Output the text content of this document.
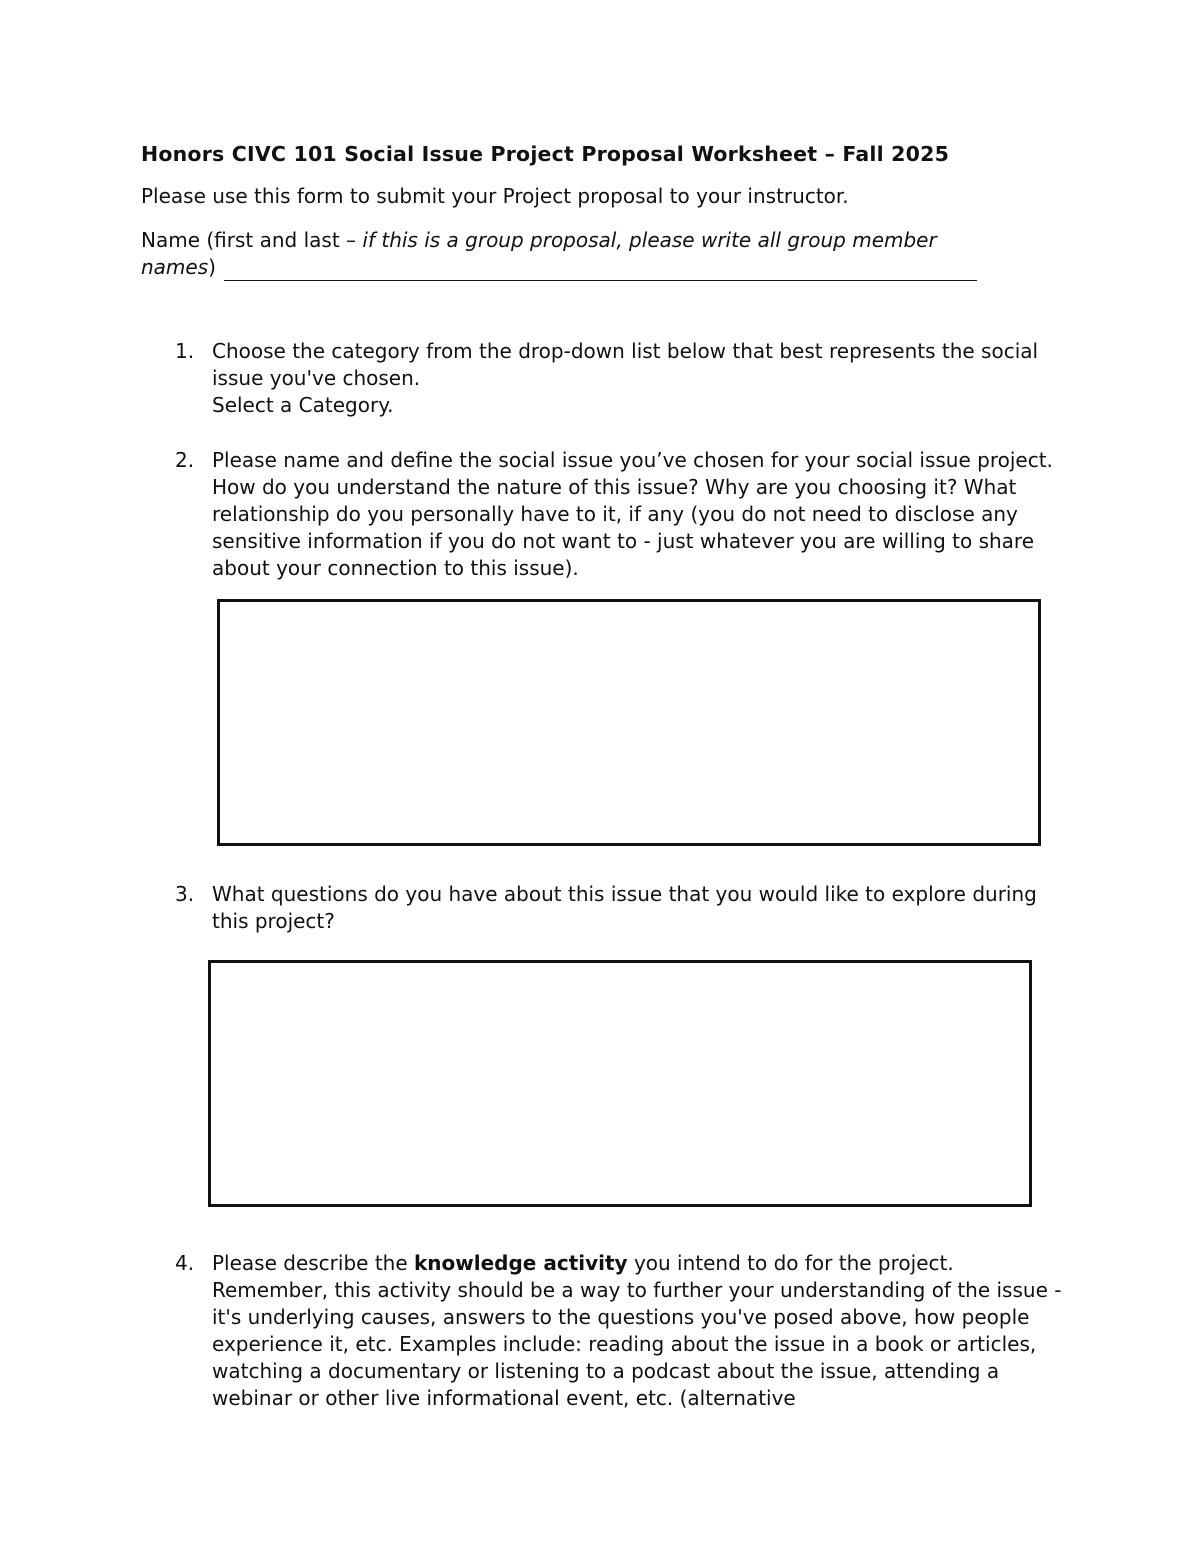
Honors CIVC 101 Social Issue Project Proposal Worksheet – Fall 2025
Please use this form to submit your Project proposal to your instructor.
Name (first and last – if this is a group proposal, please write all group member
names )
1. Choose the category from the drop-down list below that best represents the social issue you've chosen.

Select a Category.

2. Please name and define the social issue you’ve chosen for your social issue project. How do you understand the nature of this issue? Why are you choosing it? What relationship do you personally have to it, if any (you do not need to disclose any sensitive information if you do not want to - just whatever you are willing to share about your connection to this issue).

3. What questions do you have about this issue that you would like to explore during this project?

4. Please describe the knowledge activity you intend to do for the project. Remember, this activity should be a way to further your understanding of the issue - it's underlying causes, answers to the questions you've posed above, how people experience it, etc. Examples include: reading about the issue in a book or articles, watching a documentary or listening to a podcast about the issue, attending a webinar or other live informational event, etc. (alternative
